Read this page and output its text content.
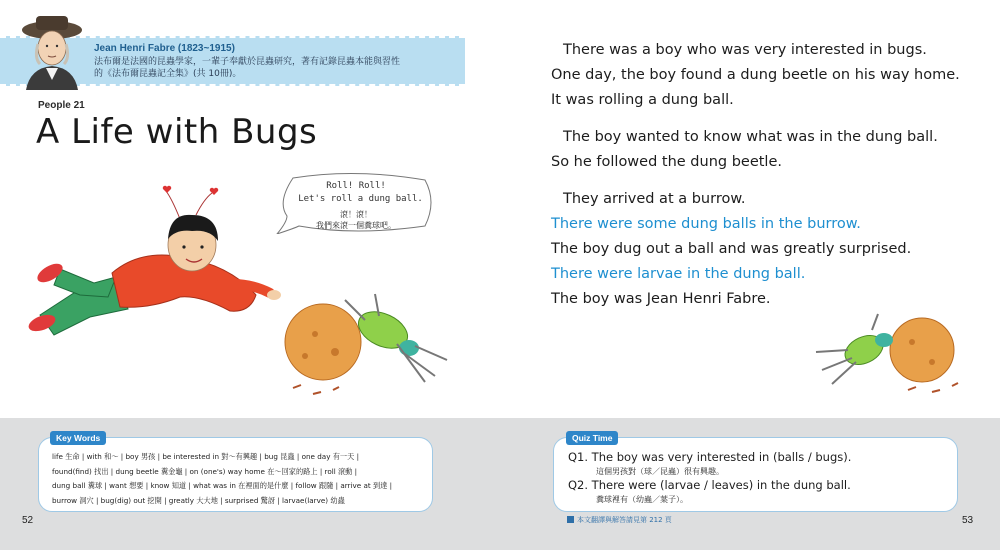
Jean Henri Fabre (1823~1915)
法布爾是法國的昆蟲學家，一輩子奉獻於昆蟲研究，著有記錄昆蟲本能與習性
的《法布爾昆蟲記全集》(共 10冊)。
People 21
A Life with Bugs
Roll! Roll!
Let's roll a dung ball.
滾！滾！
我們來滾一個糞球吧。
There was a boy who was very interested in bugs.
One day, the boy found a dung beetle on his way home.
It was rolling a dung ball.
The boy wanted to know what was in the dung ball.
So he followed the dung beetle.
They arrived at a burrow.
There were some dung balls in the burrow.
The boy dug out a ball and was greatly surprised.
There were larvae in the dung ball.
The boy was Jean Henri Fabre.
Key Words
life 生命 | with 和～ | boy 男孩 | be interested in 對～有興趣 | bug 昆蟲 | one day 有一天 |
found(find) 找出 | dung beetle 糞金龜 | on (one's) way home 在～回家的路上 | roll 滾動 |
dung ball 糞球 | want 想要 | know 知道 | what was in 在裡面的是什麼 | follow 跟隨 | arrive at 到達 |
burrow 洞穴 | bug(dig) out 挖開 | greatly 大大地 | surprised 驚訝 | larvae(larve) 幼蟲
Quiz Time
Q1. The boy was very interested in (balls / bugs).
這個男孩對（球／昆蟲）很有興趣。
Q2. There were (larvae / leaves) in the dung ball.
糞球裡有（幼蟲／葉子）。
52	本文翻譯與解答請見第 212 頁	53
